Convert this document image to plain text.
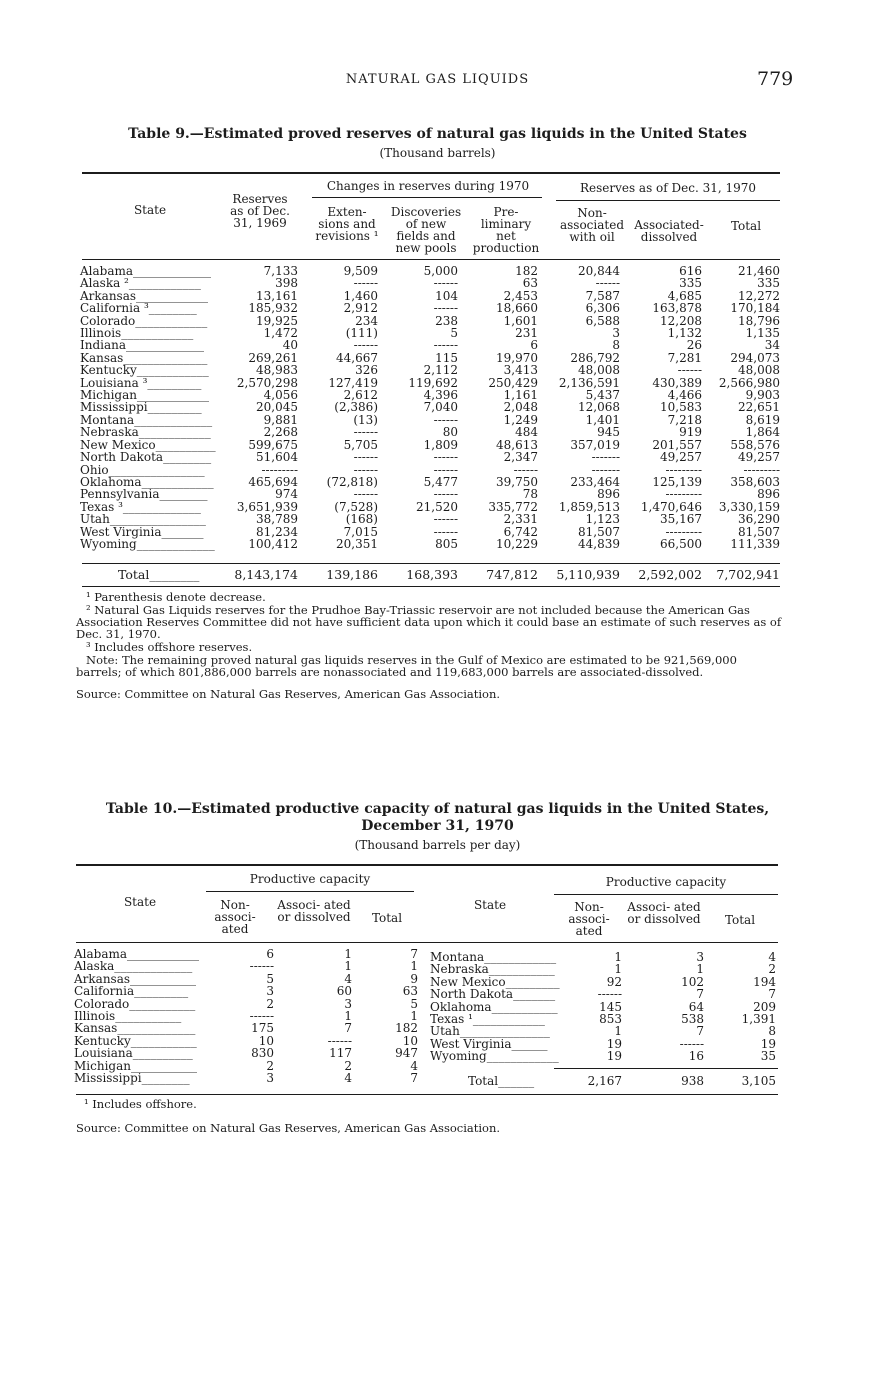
NATURAL GAS LIQUIDS	779
Table 9.—Estimated proved reserves of natural gas liquids in the United States
(Thousand barrels)
State
Reserves as of Dec. 31, 1969
Changes in reserves during 1970
Exten- sions and revisions ¹
Discoveries of new fields and new pools
Pre- liminary net production
Reserves as of Dec. 31, 1970
Non- associated with oil
Associated- dissolved
Total
Alabama_____________	7,133	9,509	5,000	182	20,844	616	21,460
Alaska ²____________	398	------	------	63	------	335	335
Arkansas____________	13,161	1,460	104	2,453	7,587	4,685	12,272
California ³________	185,932	2,912	------	18,660	6,306	163,878	170,184
Colorado____________	19,925	234	238	1,601	6,588	12,208	18,796
Illinois____________	1,472	(111)	5	231	3	1,132	1,135
Indiana_____________	40	------	------	6	8	26	34
Kansas______________	269,261	44,667	115	19,970	286,792	7,281	294,073
Kentucky____________	48,983	326	2,112	3,413	48,008	------	48,008
Louisiana ³_________	2,570,298	127,419	119,692	250,429	2,136,591	430,389	2,566,980
Michigan____________	4,056	2,612	4,396	1,161	5,437	4,466	9,903
Mississippi_________	20,045	(2,386)	7,040	2,048	12,068	10,583	22,651
Montana_____________	9,881	(13)	------	1,249	1,401	7,218	8,619
Nebraska____________	2,268	------	80	484	945	919	1,864
New Mexico__________	599,675	5,705	1,809	48,613	357,019	201,557	558,576
North Dakota________	51,604	------	------	2,347	-------	49,257	49,257
Ohio________________	---------	------	------	------	-------	---------	---------
Oklahoma____________	465,694	(72,818)	5,477	39,750	233,464	125,139	358,603
Pennsylvania________	974	------	------	78	896	---------	896
Texas ³_____________	3,651,939	(7,528)	21,520	335,772	1,859,513	1,470,646	3,330,159
Utah________________	38,789	(168)	------	2,331	1,123	35,167	36,290
West Virginia_______	81,234	7,015	------	6,742	81,507	---------	81,507
Wyoming_____________	100,412	20,351	805	10,229	44,839	66,500	111,339
Total________	8,143,174	139,186	168,393	747,812	5,110,939	2,592,002	7,702,941
¹ Parenthesis denote decrease.
² Natural Gas Liquids reserves for the Prudhoe Bay-Triassic reservoir are not included because the American Gas Association Reserves Committee did not have sufficient data upon which it could base an estimate of such reserves as of Dec. 31, 1970.
³ Includes offshore reserves.
Note: The remaining proved natural gas liquids reserves in the Gulf of Mexico are estimated to be 921,569,000 barrels; of which 801,886,000 barrels are nonassociated and 119,683,000 barrels are associated-dissolved.
Source: Committee on Natural Gas Reserves, American Gas Association.
Table 10.—Estimated productive capacity of natural gas liquids in the United States,
December 31, 1970
(Thousand barrels per day)
State
Productive capacity
Non- associ- ated
Associ- ated or dissolved	Total
State
Productive capacity
Non- associ- ated
Associ- ated or dissolved	Total
Alabama____________	6	1	7
Alaska_____________	------	1	1
Arkansas___________	5	4	9
California_________	3	60	63
Colorado___________	2	3	5
Illinois___________	------	1	1
Kansas_____________	175	7	182
Kentucky___________	10	------	10
Louisiana__________	830	117	947
Michigan___________	2	2	4
Mississippi________	3	4	7
Montana____________	1	3	4
Nebraska___________	1	1	2
New Mexico_________	92	102	194
North Dakota_______	------	7	7
Oklahoma___________	145	64	209
Texas ¹____________	853	538	1,391
Utah_______________	1	7	8
West Virginia______	19	------	19
Wyoming____________	19	16	35
Total______	2,167	938	3,105
¹ Includes offshore.
Source: Committee on Natural Gas Reserves, American Gas Association.
